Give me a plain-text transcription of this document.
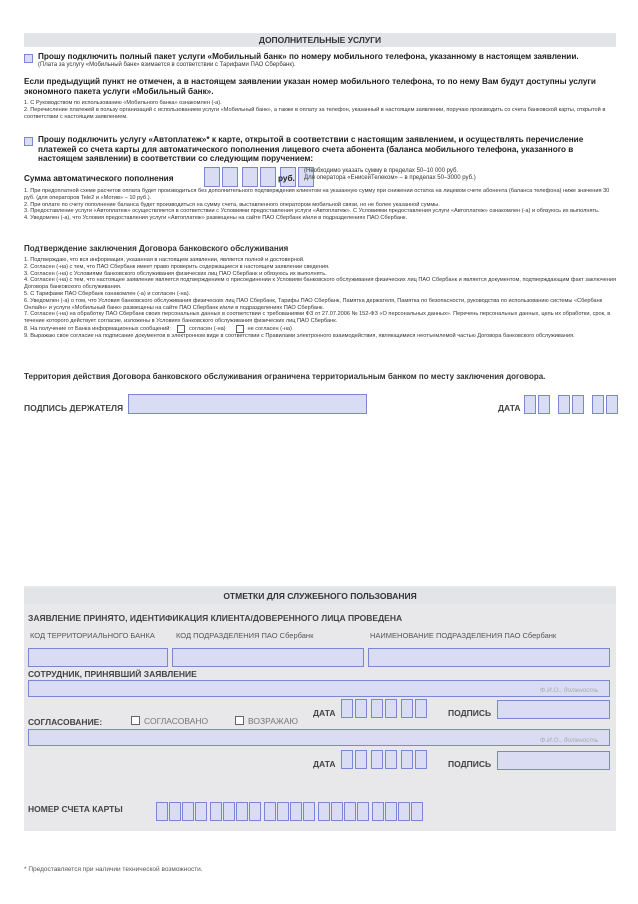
ДОПОЛНИТЕЛЬНЫЕ УСЛУГИ
Прошу подключить полный пакет услуги «Мобильный банк» по номеру мобильного телефона, указанному в настоящем заявлении.
(Плата за услугу «Мобильный банк» взимается в соответствии с Тарифами ПАО Сбербанк).
Если предыдущий пункт не отмечен, а в настоящем заявлении указан номер мобильного телефона, то по нему Вам будут доступны услуги экономного пакета услуги «Мобильный банк».
1. С Руководством по использованию «Мобильного банка» ознакомлен (-а).
2. Перечисление платежей в пользу организаций с использованием услуги «Мобильный банк», а также в оплату за телефон, указанный в настоящем заявлении, поручаю производить со счета банковской карты, открытой в соответствии с настоящим заявлением.
Прошу подключить услугу «Автоплатеж»* к карте, открытой в соответствии с настоящим заявлением, и осуществлять перечисление платежей со счета карты для автоматического пополнения лицевого счета абонента (баланса мобильного телефона, указанного в настоящем заявлении) в соответствии со следующим поручением:
Сумма автоматического пополнения	руб.
(Необходимо указать сумму в пределах 50–10 000 руб.
Для оператора «ЕнисейТелеком» – в пределах 50–3000 руб.)
1. При предоплатной схеме расчетов оплата будет производиться без дополнительного подтверждения клиентом на указанную сумму при снижении остатка на лицевом счете абонента (баланса телефона) ниже значения 30 руб. (для операторов Tele2 и «Мотив» – 10 руб.).
2. При оплате по счету пополнение баланса будет производиться на сумму счета, выставленного оператором мобильной связи, но не более указанной суммы.
3. Предоставление услуги «Автоплатеж» осуществляется в соответствии с Условиями предоставления услуги «Автоплатеж». С Условиями предоставления услуги «Автоплатеж» ознакомлен (-а) и обязуюсь их выполнять.
4. Уведомлен (-а), что Условия предоставления услуги «Автоплатеж» размещены на сайте ПАО Сбербанк и/или в подразделениях ПАО Сбербанк.
Подтверждение заключения Договора банковского обслуживания
1. Подтверждаю, что вся информация, указанная в настоящем заявлении, является полной и достоверной.
2. Согласен (-на) с тем, что ПАО Сбербанк имеет право проверить содержащиеся в настоящем заявлении сведения.
3. Согласен (-на) с Условиями банковского обслуживания физических лиц ПАО Сбербанк и обязуюсь их выполнять.
4. Согласен (-на) с тем, что настоящее заявление является подтверждением о присоединении к Условиям банковского обслуживания физических лиц ПАО Сбербанк и является документом, подтверждающим факт заключения Договора банковского обслуживания.
5. С Тарифами ПАО Сбербанк ознакомлен (-а) и согласен (-на).
6. Уведомлен (-а) о том, что Условия банковского обслуживания физических лиц ПАО Сбербанк, Тарифы ПАО Сбербанк, Памятка держателя, Памятка по безопасности, руководства по использованию системы «Сбербанк Онлайн» и услуги «Мобильный банк» размещены на сайте ПАО Сбербанк и/или в подразделениях ПАО Сбербанк.
7. Согласен (-на) на обработку ПАО Сбербанк своих персональных данных в соответствии с требованиями ФЗ от 27.07.2006 № 152-ФЗ «О персональных данных». Перечень персональных данных, цель их обработки, срок, в течение которого действует согласие, изложены в Условиях банковского обслуживания физических лиц ПАО Сбербанк.
8. На получение от Банка информационных сообщений:	согласен (-на)	не согласен (-на)
9. Выражаю свое согласие на подписание документов в электронном виде в соответствии с Правилами электронного взаимодействия, являющимися неотъемлемой частью Договора банковского обслуживания.
Территория действия Договора банковского обслуживания ограничена территориальным банком по месту заключения договора.
ПОДПИСЬ ДЕРЖАТЕЛЯ	ДАТА
ОТМЕТКИ ДЛЯ СЛУЖЕБНОГО ПОЛЬЗОВАНИЯ
ЗАЯВЛЕНИЕ ПРИНЯТО, ИДЕНТИФИКАЦИЯ КЛИЕНТА/ДОВЕРЕННОГО ЛИЦА ПРОВЕДЕНА
КОД ТЕРРИТОРИАЛЬНОГО БАНКА	КОД ПОДРАЗДЕЛЕНИЯ ПАО Сбербанк	НАИМЕНОВАНИЕ ПОДРАЗДЕЛЕНИЯ ПАО Сбербанк
СОТРУДНИК, ПРИНЯВШИЙ ЗАЯВЛЕНИЕ
Ф.И.О., должность
СОГЛАСОВАНИЕ:	СОГЛАСОВАНО	ВОЗРАЖАЮ
ДАТА	ПОДПИСЬ
Ф.И.О., должность
ДАТА	ПОДПИСЬ
НОМЕР СЧЕТА КАРТЫ
* Предоставляется при наличии технической возможности.
